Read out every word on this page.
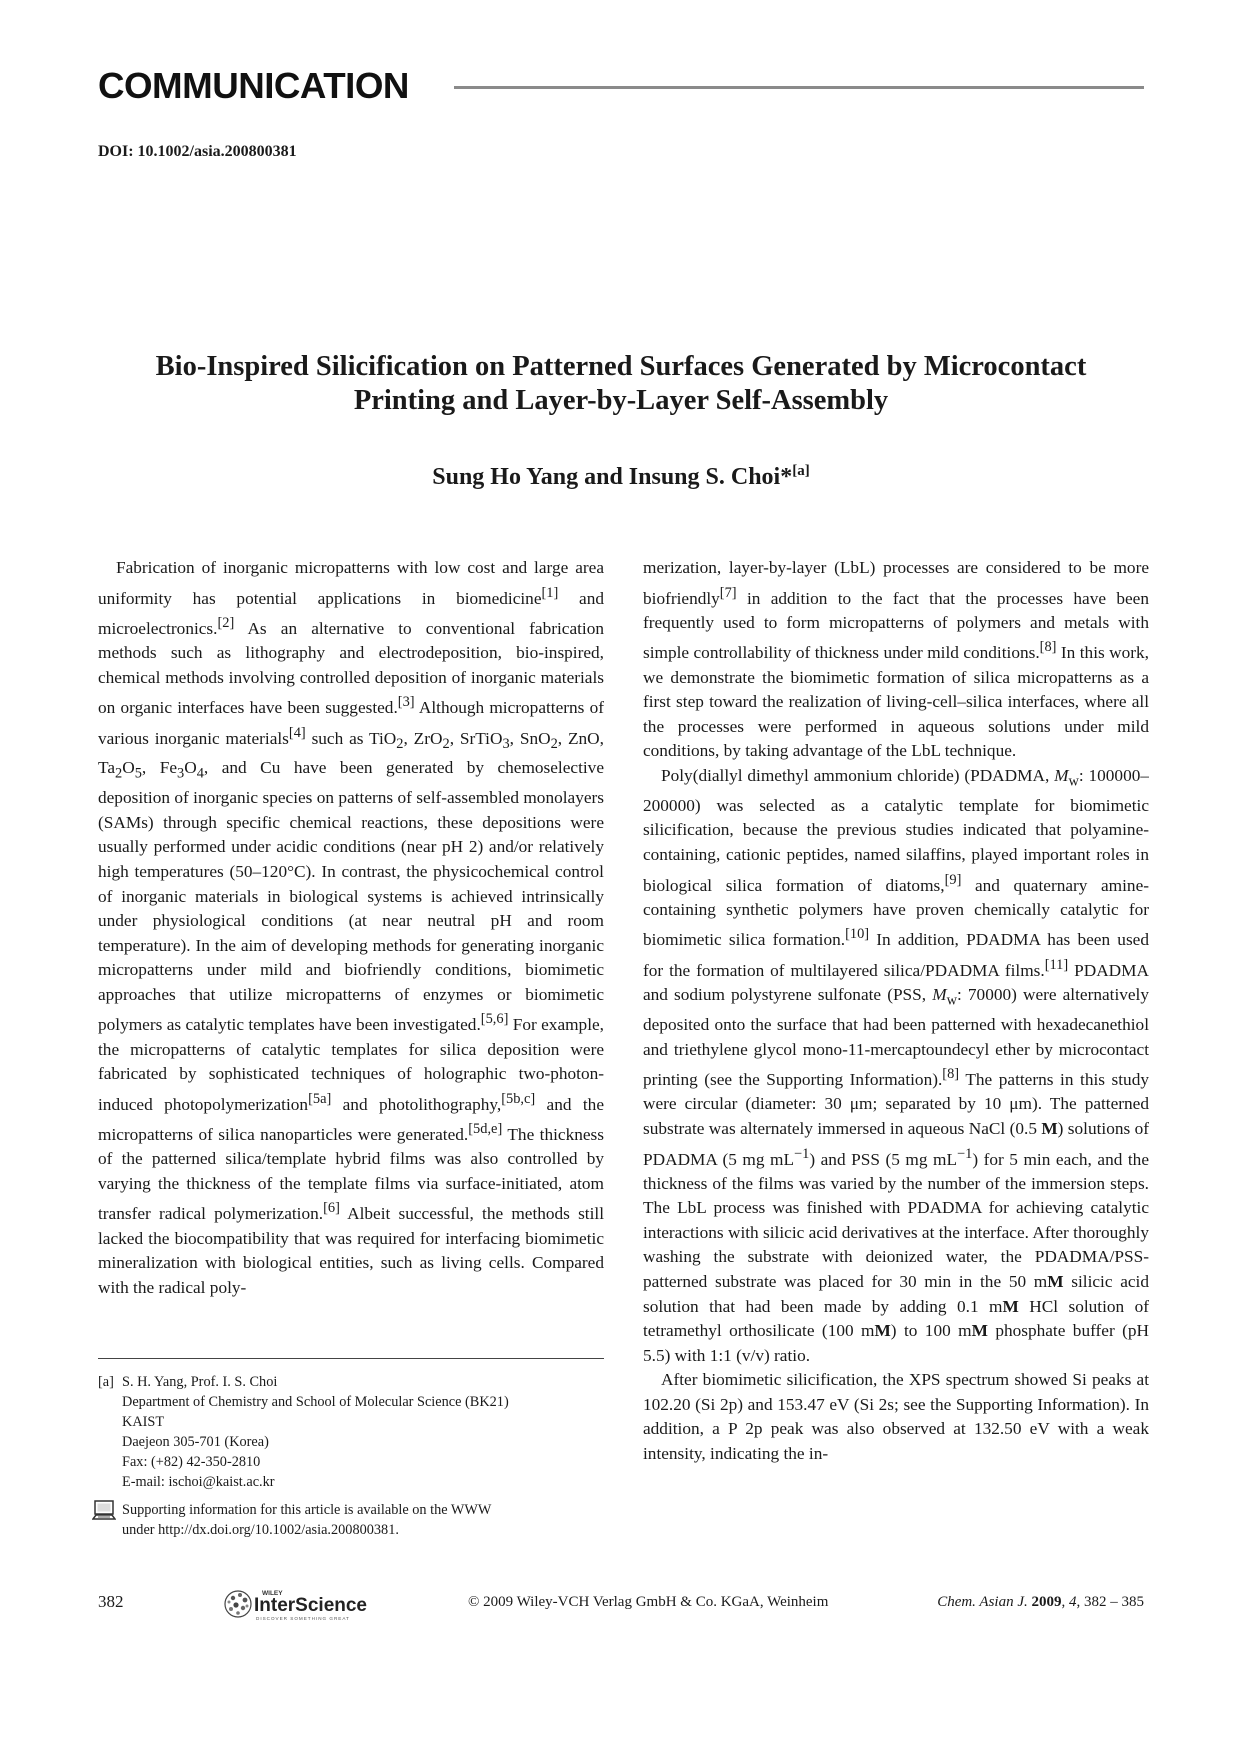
COMMUNICATION
DOI: 10.1002/asia.200800381
Bio-Inspired Silicification on Patterned Surfaces Generated by Microcontact
Printing and Layer-by-Layer Self-Assembly
Sung Ho Yang and Insung S. Choi*[a]

Fabrication of inorganic micropatterns with low cost and large area uniformity has potential applications in biomedicine[1] and microelectronics.[2] As an alternative to conventional fabrication methods such as lithography and electrodeposition, bio-inspired, chemical methods involving controlled deposition of inorganic materials on organic interfaces have been suggested.[3] Although micropatterns of various inorganic materials[4] such as TiO$_2$, ZrO$_2$, SrTiO$_3$, SnO$_2$, ZnO, $Ta_2O_5$, $Fe_3O_4$, and Cu have been generated by chemoselective deposition of inorganic species on patterns of self-assembled monolayers (SAMs) through specific chemical reactions, these depositions were usually performed under acidic conditions (near pH 2) and/or relatively high temperatures (50–120°C). In contrast, the physicochemical control of inorganic materials in biological systems is achieved intrinsically under physiological conditions (at near neutral pH and room temperature). In the aim of developing methods for generating inorganic micropatterns under mild and biofriendly conditions, biomimetic approaches that utilize micropatterns of enzymes or biomimetic polymers as catalytic templates have been investigated.[5,6] For example, the micropatterns of catalytic templates for silica deposition were fabricated by sophisticated techniques of holographic two-photon-induced photopolymerization[5a] and photolithography,[5b,c] and the micropatterns of silica nanoparticles were generated.[5d,e] The thickness of the patterned silica/template hybrid films was also controlled by varying the thickness of the template films via surface-initiated, atom transfer radical polymerization.[6] Albeit successful, the methods still lacked the biocompatibility that was required for interfacing biomimetic mineralization with biological entities, such as living cells. Compared with the radical poly-

merization, layer-by-layer (LbL) processes are considered to be more biofriendly[7] in addition to the fact that the processes have been frequently used to form micropatterns of polymers and metals with simple controllability of thickness under mild conditions.[8] In this work, we demonstrate the biomimetic formation of silica micropatterns as a first step toward the realization of living-cell–silica interfaces, where all the processes were performed in aqueous solutions under mild conditions, by taking advantage of the LbL technique.

Poly(diallyl dimethyl ammonium chloride) (PDADMA, $M_w$: 100000–200000) was selected as a catalytic template for biomimetic silicification, because the previous studies indicated that polyamine-containing, cationic peptides, named silaffins, played important roles in biological silica formation of diatoms,[9] and quaternary amine-containing synthetic polymers have proven chemically catalytic for biomimetic silica formation.[10] In addition, PDADMA has been used for the formation of multilayered silica/PDADMA films.[11] PDADMA and sodium polystyrene sulfonate (PSS, $M_w$: 70000) were alternatively deposited onto the surface that had been patterned with hexadecanethiol and triethylene glycol mono-11-mercaptoundecyl ether by microcontact printing (see the Supporting Information).[8] The patterns in this study were circular (diameter: 30 μm; separated by 10 μm). The patterned substrate was alternately immersed in aqueous NaCl (0.5 M) solutions of PDADMA (5 mg $mL^{-1}$) and PSS (5 mg $mL^{-1}$) for 5 min each, and the thickness of the films was varied by the number of the immersion steps. The LbL process was finished with PDADMA for achieving catalytic interactions with silicic acid derivatives at the interface. After thoroughly washing the substrate with deionized water, the PDADMA/PSS-patterned substrate was placed for 30 min in the 50 mM silicic acid solution that had been made by adding 0.1 mM HCl solution of tetramethyl orthosilicate (100 mM) to 100 mM phosphate buffer (pH 5.5) with 1:1 (v/v) ratio.

After biomimetic silicification, the XPS spectrum showed Si peaks at 102.20 (Si 2p) and 153.47 eV (Si 2s; see the Supporting Information). In addition, a P 2p peak was also observed at 132.50 eV with a weak intensity, indicating the in-

[a] S. H. Yang, Prof. I. S. Choi
Department of Chemistry and School of Molecular Science (BK21)
KAIST
Daejeon 305-701 (Korea)
Fax: (+82) 42-350-2810
E-mail: ischoi@kaist.ac.kr
Supporting information for this article is available on the WWW
under http://dx.doi.org/10.1002/asia.200800381.
382	WILEY
InterScience
DISCOVER SOMETHING GREAT
© 2009 Wiley-VCH Verlag GmbH & Co. KGaA, Weinheim	Chem. Asian J. 2009, 4, 382 – 385
